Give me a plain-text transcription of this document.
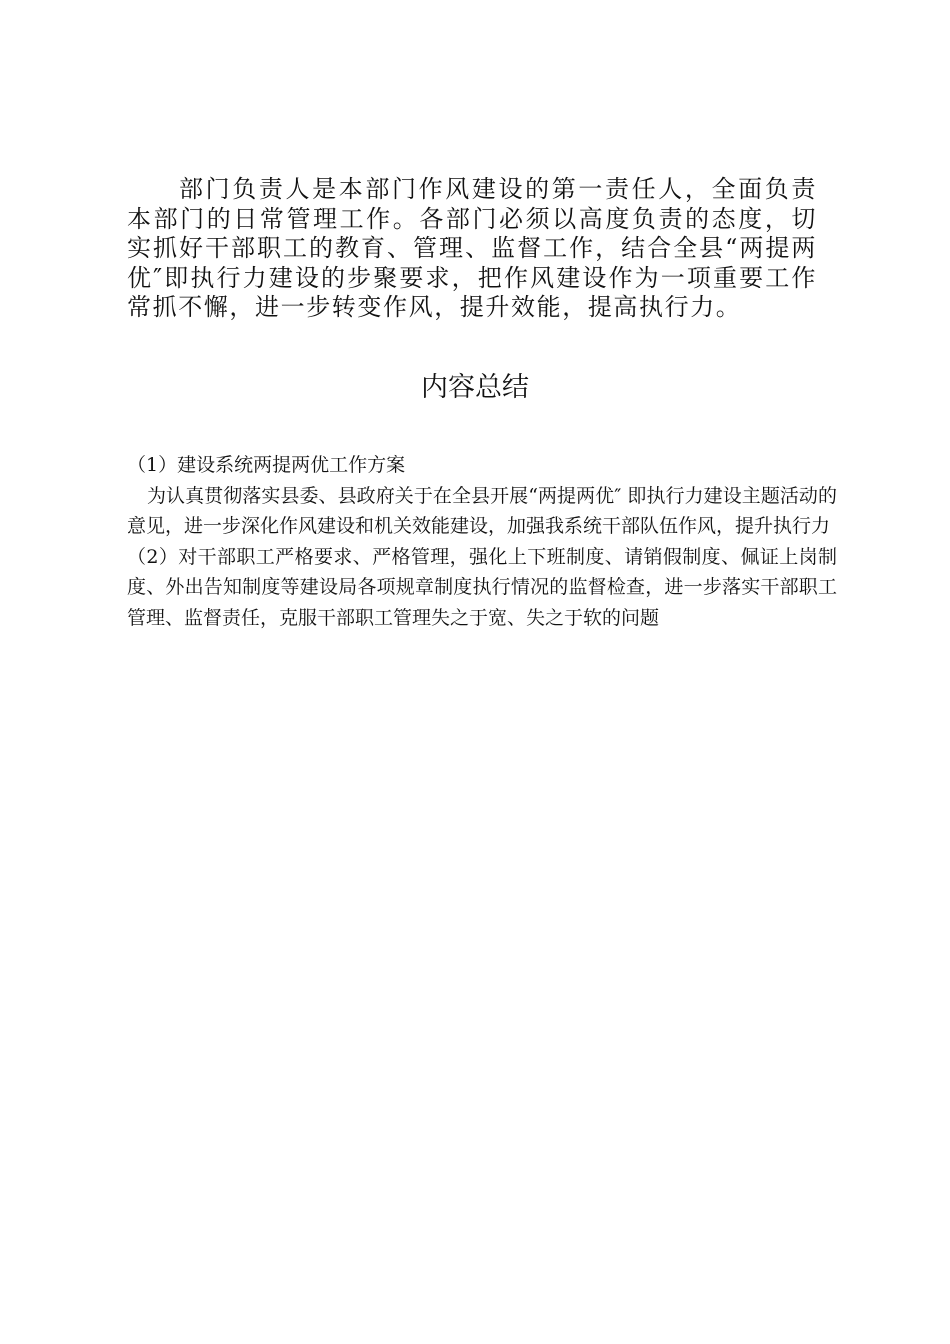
部门负责人是本部门作风建设的第一责任人，全面负责本部门的日常管理工作。各部门必须以高度负责的态度，切实抓好干部职工的教育、管理、监督工作，结合全县“两提两优″即执行力建设的步聚要求，把作风建设作为一项重要工作常抓不懈，进一步转变作风，提升效能，提高执行力。

内容总结

（1）建设系统两提两优工作方案

为认真贯彻落实县委、县政府关于在全县开展“两提两优″ 即执行力建设主题活动的意见，进一步深化作风建设和机关效能建设，加强我系统干部队伍作风，提升执行力

（2）对干部职工严格要求、严格管理，强化上下班制度、请销假制度、佩证上岗制度、外出告知制度等建设局各项规章制度执行情况的监督检查，进一步落实干部职工管理、监督责任，克服干部职工管理失之于宽、失之于软的问题
